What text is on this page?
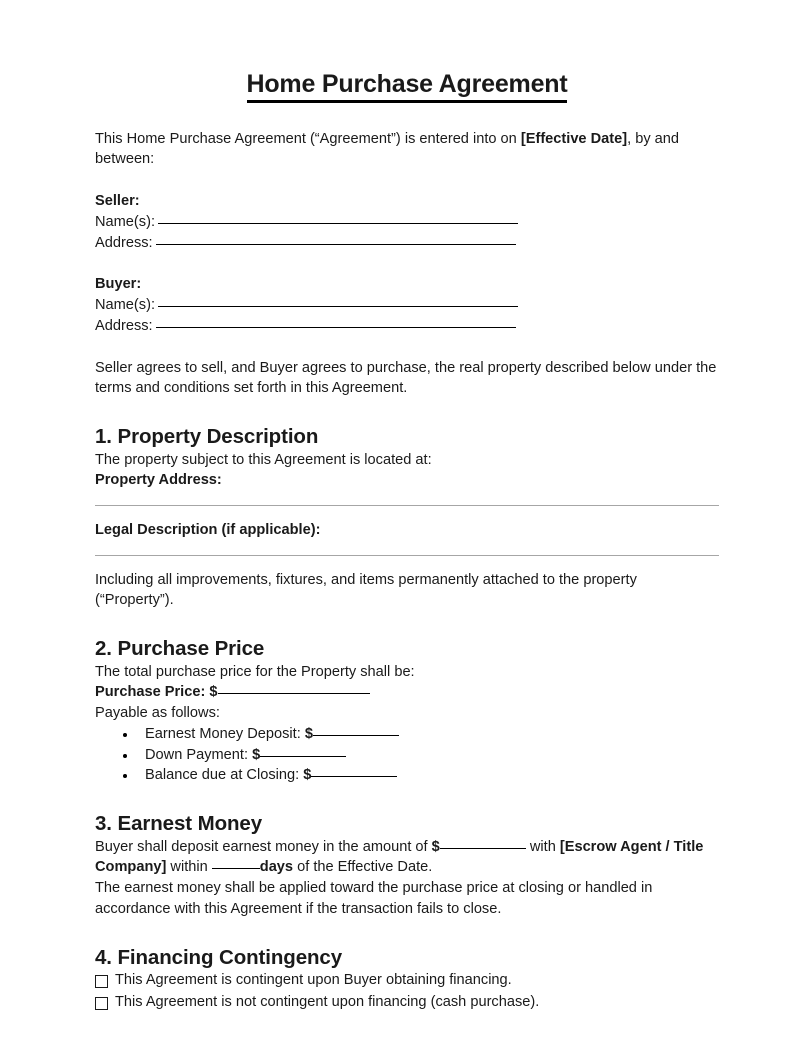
Home Purchase Agreement

This Home Purchase Agreement (“Agreement”) is entered into on [Effective Date], by and between:

Seller:
Name(s):
Address:
Buyer:
Name(s):
Address:

Seller agrees to sell, and Buyer agrees to purchase, the real property described below under the terms and conditions set forth in this Agreement.

1. Property Description

The property subject to this Agreement is located at:

Property Address:

Legal Description (if applicable):

Including all improvements, fixtures, and items permanently attached to the property (“Property”).

2. Purchase Price

The total purchase price for the Property shall be:

Purchase Price: $

Payable as follows:

Earnest Money Deposit: $
Down Payment: $
Balance due at Closing: $
3. Earnest Money

Buyer shall deposit earnest money in the amount of $	with [Escrow Agent / Title Company] within	days of the Effective Date.

The earnest money shall be applied toward the purchase price at closing or handled in accordance with this Agreement if the transaction fails to close.

4. Financing Contingency
This Agreement is contingent upon Buyer obtaining financing.
This Agreement is not contingent upon financing (cash purchase).
